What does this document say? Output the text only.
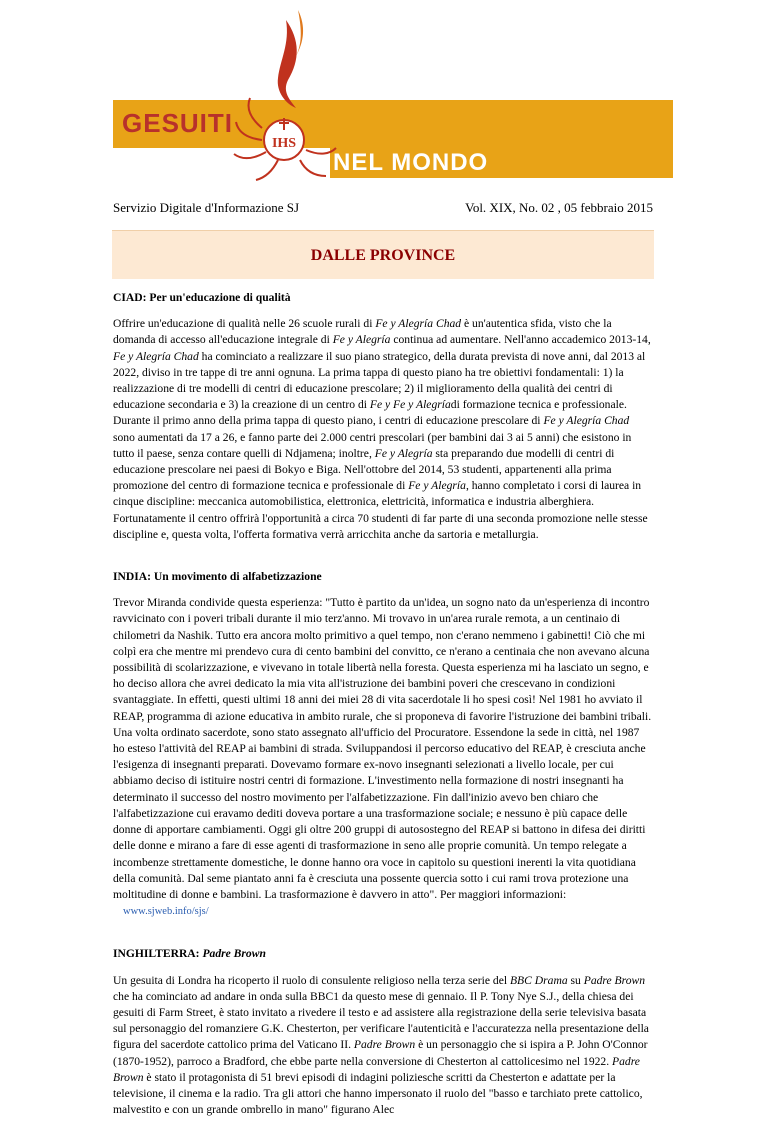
IHS
GESUITI
NEL MONDO
Servizio Digitale d'Informazione SJ	Vol. XIX, No. 02 , 05 febbraio 2015
DALLE PROVINCE
CIAD: Per un'educazione di qualità

Offrire un'educazione di qualità nelle 26 scuole rurali di Fe y Alegría Chad è un'autentica sfida, visto che la domanda di accesso all'educazione integrale di Fe y Alegría continua ad aumentare. Nell'anno accademico 2013-14, Fe y Alegría Chad ha cominciato a realizzare il suo piano strategico, della durata prevista di nove anni, dal 2013 al 2022, diviso in tre tappe di tre anni ognuna. La prima tappa di questo piano ha tre obiettivi fondamentali: 1) la realizzazione di tre modelli di centri di educazione prescolare; 2) il miglioramento della qualità dei centri di educazione secondaria e 3) la creazione di un centro di Fe y Fe y Alegríadi formazione tecnica e professionale. Durante il primo anno della prima tappa di questo piano, i centri di educazione prescolare di Fe y Alegría Chad sono aumentati da 17 a 26, e fanno parte dei 2.000 centri prescolari (per bambini dai 3 ai 5 anni) che esistono in tutto il paese, senza contare quelli di Ndjamena; inoltre, Fe y Alegría sta preparando due modelli di centri di educazione prescolare nei paesi di Bokyo e Biga. Nell'ottobre del 2014, 53 studenti, appartenenti alla prima promozione del centro di formazione tecnica e professionale di Fe y Alegría, hanno completato i corsi di laurea in cinque discipline: meccanica automobilistica, elettronica, elettricità, informatica e industria alberghiera. Fortunatamente il centro offrirà l'opportunità a circa 70 studenti di far parte di una seconda promozione nelle stesse discipline e, questa volta, l'offerta formativa verrà arricchita anche da sartoria e metallurgia.

INDIA: Un movimento di alfabetizzazione

Trevor Miranda condivide questa esperienza: "Tutto è partito da un'idea, un sogno nato da un'esperienza di incontro ravvicinato con i poveri tribali durante il mio terz'anno. Mi trovavo in un'area rurale remota, a un centinaio di chilometri da Nashik. Tutto era ancora molto primitivo a quel tempo, non c'erano nemmeno i gabinetti! Ciò che mi colpì era che mentre mi prendevo cura di cento bambini del convitto, ce n'erano a centinaia che non avevano alcuna possibilità di scolarizzazione, e vivevano in totale libertà nella foresta. Questa esperienza mi ha lasciato un segno, e ho deciso allora che avrei dedicato la mia vita all'istruzione dei bambini poveri che crescevano in condizioni svantaggiate. In effetti, questi ultimi 18 anni dei miei 28 di vita sacerdotale li ho spesi così! Nel 1981 ho avviato il REAP, programma di azione educativa in ambito rurale, che si proponeva di favorire l'istruzione dei bambini tribali. Una volta ordinato sacerdote, sono stato assegnato all'ufficio del Procuratore. Essendone la sede in città, nel 1987 ho esteso l'attività del REAP ai bambini di strada. Sviluppandosi il percorso educativo del REAP, è cresciuta anche l'esigenza di insegnanti preparati. Dovevamo formare ex-novo insegnanti selezionati a livello locale, per cui abbiamo deciso di istituire nostri centri di formazione. L'investimento nella formazione di nostri insegnanti ha determinato il successo del nostro movimento per l'alfabetizzazione. Fin dall'inizio avevo ben chiaro che l'alfabetizzazione cui eravamo dediti doveva portare a una trasformazione sociale; e nessuno è più capace delle donne di apportare cambiamenti. Oggi gli oltre 200 gruppi di autosostegno del REAP si battono in difesa dei diritti delle donne e mirano a fare di esse agenti di trasformazione in seno alle proprie comunità. Un tempo relegate a incombenze strettamente domestiche, le donne hanno ora voce in capitolo su questioni inerenti la vita quotidiana della comunità. Dal seme piantato anni fa è cresciuta una possente quercia sotto i cui rami trova protezione una moltitudine di donne e bambini. La trasformazione è davvero in atto". Per maggiori informazioni: www.sjweb.info/sjs/

INGHILTERRA: Padre Brown

Un gesuita di Londra ha ricoperto il ruolo di consulente religioso nella terza serie del BBC Drama su Padre Brown che ha cominciato ad andare in onda sulla BBC1 da questo mese di gennaio. Il P. Tony Nye S.J., della chiesa dei gesuiti di Farm Street, è stato invitato a rivedere il testo e ad assistere alla registrazione della serie televisiva basata sul personaggio del romanziere G.K. Chesterton, per verificare l'autenticità e l'accuratezza nella presentazione della figura del sacerdote cattolico prima del Vaticano II. Padre Brown è un personaggio che si ispira a P. John O'Connor (1870-1952), parroco a Bradford, che ebbe parte nella conversione di Chesterton al cattolicesimo nel 1922. Padre Brown è stato il protagonista di 51 brevi episodi di indagini poliziesche scritti da Chesterton e adattate per la televisione, il cinema e la radio. Tra gli attori che hanno impersonato il ruolo del "basso e tarchiato prete cattolico, malvestito e con un grande ombrello in mano" figurano Alec
